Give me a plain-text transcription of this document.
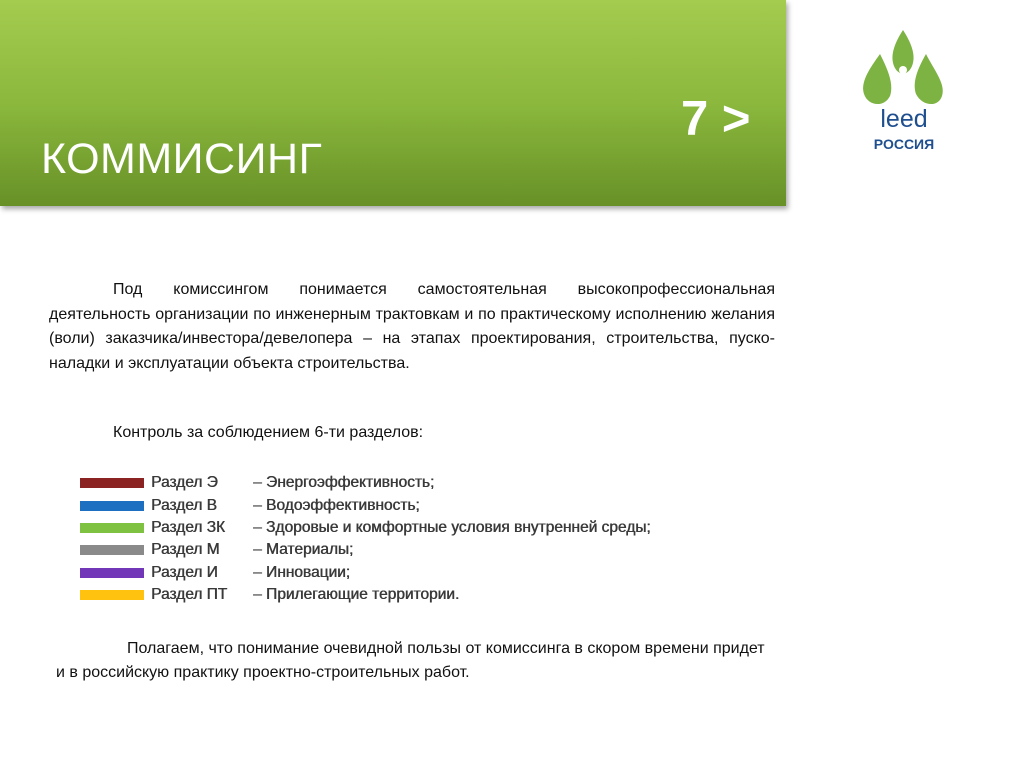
КОММИСИНГ
7 >	leed
РОССИЯ

Под комиссингом понимается самостоятельная высокопрофессиональная деятельность организации по инженерным трактовкам и по практическому исполнению желания (воли) заказчика/инвестора/девелопера – на этапах проектирования, строительства, пуско-наладки и эксплуатации объекта строительства.

Контроль за соблюдением 6-ти разделов:

Раздел Э	– Энергоэффективность;
Раздел В	– Водоэффективность;
Раздел ЗК	– Здоровые и комфортные условия внутренней среды;
Раздел М	– Материалы;
Раздел И	– Инновации;
Раздел ПТ	– Прилегающие территории.

Полагаем, что понимание очевидной пользы от комиссинга в скором времени придет и в российскую практику проектно-строительных работ.
